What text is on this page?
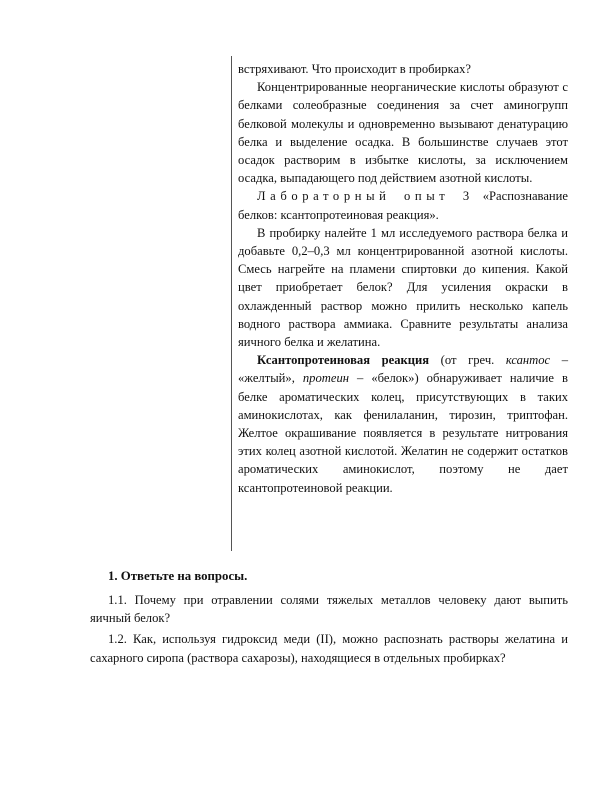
встряхивают. Что происходит в пробирках?

Концентрированные неорганические кислоты образуют с белками солеобразные соединения за счет аминогрупп белковой молекулы и одновременно вызывают денатурацию белка и выделение осадка. В большинстве случаев этот осадок растворим в избытке кислоты, за исключением осадка, выпадающего под действием азотной кислоты.

Лабораторный опыт 3 «Распознавание белков: ксантопротеиновая реакция».

В пробирку налейте 1 мл исследуемого раствора белка и добавьте 0,2–0,3 мл концентрированной азотной кислоты. Смесь нагрейте на пламени спиртовки до кипения. Какой цвет приобретает белок? Для усиления окраски в охлажденный раствор можно прилить несколько капель водного раствора аммиака. Сравните результаты анализа яичного белка и желатина.

Ксантопротеиновая реакция (от греч. ксантос – «желтый», протеин – «белок») обнаруживает наличие в белке ароматических колец, присутствующих в таких аминокислотах, как фенилаланин, тирозин, триптофан. Желтое окрашивание появляется в результате нитрования этих колец азотной кислотой. Желатин не содержит остатков ароматических аминокислот, поэтому не дает ксантопротеиновой реакции.

1. Ответьте на вопросы.

1.1. Почему при отравлении солями тяжелых металлов человеку дают выпить яичный белок?

1.2. Как, используя гидроксид меди (II), можно распознать растворы желатина и сахарного сиропа (раствора сахарозы), находящиеся в отдельных пробирках?
